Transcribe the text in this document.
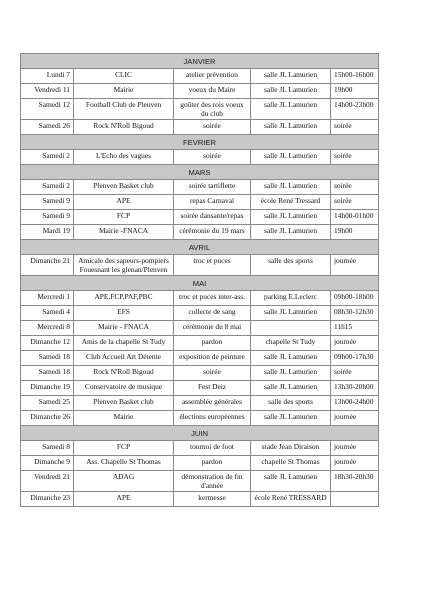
JANVIER				
Lundi 7	CLIC	atelier prévention	salle JL Lamurien	15h00-16h00
Vendredi 11	Mairie	voeux du Maire	salle JL Lamurien	19h00
Samedi 12	Football Club de Pleuven	goûter des rois voeux du club	salle JL Lamurien	14h00-23h00
Samedi 26	Rock N'Roll Bigoud	soirée	salle JL Lamurien	soirée
FEVRIER				
Samedi 2	L'Echo des vagues	soirée	salle JL Lamurien	soirée
MARS				
Samedi 2	Plenven Basket club	soirée tartiflette	salle JL Lamurien	soirée
Samedi 9	APE	repas Carnaval	école René Tressard	soirée
Samedi 9	FCP	soirée dansante/repas	salle JL Lamurien	14h00-01h00
Mardi 19	Mairie -FNACA	cérémonie du 19 mars	salle JL Lamurien	19h00
AVRIL				
Dimanche 21	Amicale des sapeurs-pompiers Fouesnant les glenan/Plenven	troc et puces	salle des sports	journée
MAI				
Mercredi 1	APE,FCP,PAF,PBC	troc et puces inter-ass.	parking E.Leclerc	09h00-18h00
Samedi 4	EFS	collecte de sang	salle JL Lamurien	08h30-12h30
Mercredi 8	Mairie - FNACA	cérémonie du 8 mai		11h15
Dimanche 12	Amis de la chapelle St Tudy	pardon	chapelle St Tudy	journée
Samedi 18	Club Accueil Art Détente	exposition de peinture	salle JL Lamurien	09h00-17h30
Samedi 18	Rock N'Roll Bigoud	soirée	salle JL Lamurien	soirée
Dimanche 19	Conservatoire de musique	Fest Deiz	salle JL Lamurien	13h30-20h00
Samedi 25	Plenven Basket club	assemblée générales	salle des sports	13h00-24h00
Dimanche 26	Mairie	élections européennes	salle JL Lamurien	journée
JUIN				
Samedi 8	FCP	tournoi de foot	stade Jean Diraison	journée
Dimanche 9	Ass. Chapelle St Thomas	pardon	chapelle St Thomas	journée
Vendredi 21	ADAG	démonstration de fin d'année	salle JL Lamurien	18h30-20h30
Dimanche 23	APE	kermesse	école René TRESSARD	
